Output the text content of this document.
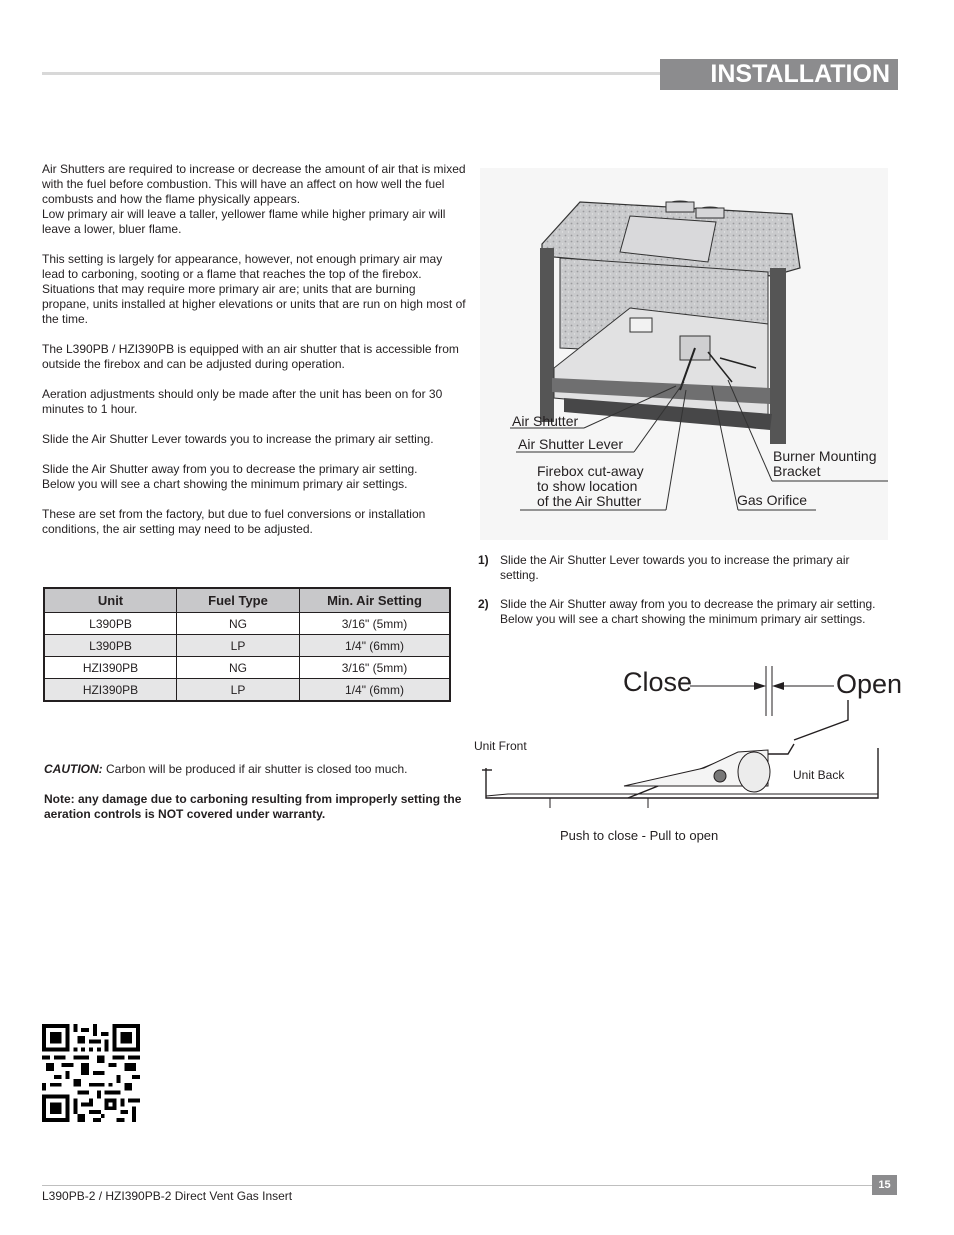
INSTALLATION

Air Shutters are required to increase or decrease the amount of air that is mixed with the fuel before combustion. This will have an affect on how well the fuel combusts and how the flame physically appears.

Low primary air will leave a taller, yellower flame while higher primary air will leave a lower, bluer flame.

This setting is largely for appearance, however, not enough primary air may lead to carboning, sooting or a flame that reaches the top of the firebox. Situations that may require more primary air are; units that are burning propane, units installed at higher elevations or units that are run on high most of the time.

The L390PB / HZI390PB is equipped with an air shutter that is accessible from outside the firebox and can be adjusted during operation.

Aeration adjustments should only be made after the unit has been on for 30 minutes to 1 hour.

Slide the Air Shutter Lever towards you to increase the primary air setting.

Slide the Air Shutter away from you to decrease the primary air setting.

Below you will see a chart showing the minimum primary air settings.

These are set from the factory, but due to fuel conversions or installation conditions, the air setting may need to be adjusted.

Unit	Fuel Type	Min. Air Setting
L390PB	NG	3/16" (5mm)
L390PB	LP	1/4" (6mm)
HZI390PB	NG	3/16" (5mm)
HZI390PB	LP	1/4" (6mm)
CAUTION: Carbon will be produced if air shutter is closed too much.
Note: any damage due to carboning resulting from improperly setting the aeration controls is NOT covered under warranty.
Air Shutter
Air Shutter Lever
Firebox cut-away
to show location
of the Air Shutter
Burner Mounting
Bracket
Gas Orifice
1) Slide the Air Shutter Lever towards you to increase the primary air setting.
2) Slide the Air Shutter away from you to decrease the primary air setting. Below you will see a chart showing the minimum primary air settings.
Close	Open
Unit Front
Unit Back
Push to close - Pull to open
15
L390PB-2 / HZI390PB-2 Direct Vent Gas Insert
